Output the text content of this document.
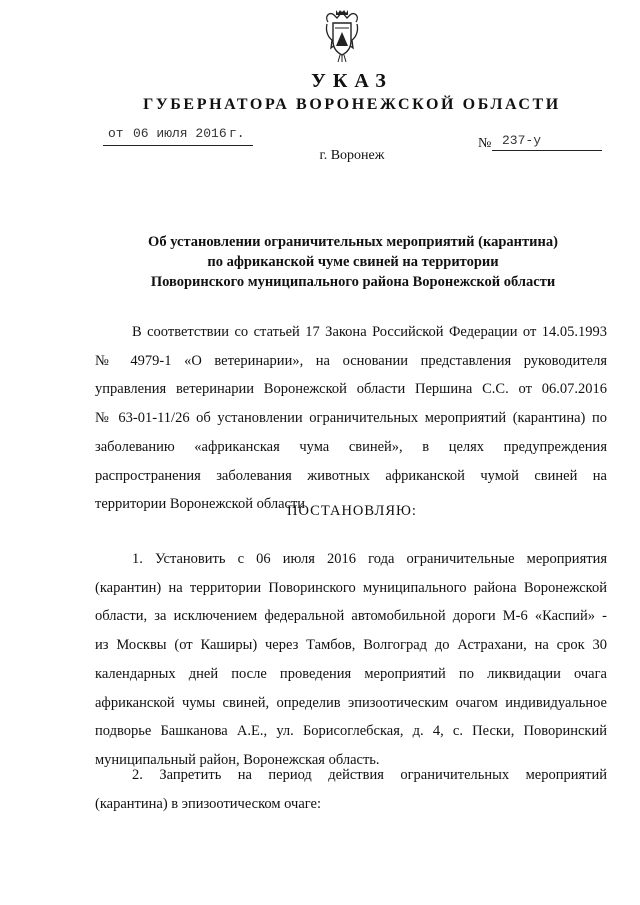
УКАЗ
ГУБЕРНАТОРА ВОРОНЕЖСКОЙ ОБЛАСТИ
от 06 июля 2016 г.
№ 237-у
г. Воронеж
Об установлении ограничительных мероприятий (карантина)
по африканской чуме свиней на территории
Поворинского муниципального района Воронежской области
В соответствии со статьей 17 Закона Российской Федерации от 14.05.1993
№ 4979-1 «О ветеринарии», на основании представления руководителя
управления ветеринарии Воронежской области Першина С.С. от 06.07.2016
№ 63-01-11/26 об установлении ограничительных мероприятий (карантина) по
заболеванию «африканская чума свиней», в целях предупреждения
распространения заболевания животных африканской чумой свиней на
территории Воронежской области
ПОСТАНОВЛЯЮ:
1. Установить с 06 июля 2016 года ограничительные мероприятия
(карантин) на территории Поворинского муниципального района Воронежской
области, за исключением федеральной автомобильной дороги М-6 «Каспий» -
из Москвы (от Каширы) через Тамбов, Волгоград до Астрахани, на срок 30
календарных дней после проведения мероприятий по ликвидации очага
африканской чумы свиней, определив эпизоотическим очагом индивидуальное
подворье Башканова А.Е., ул. Борисоглебская, д. 4, с. Пески, Поворинский
муниципальный район, Воронежская область.
2. Запретить на период действия ограничительных мероприятий
(карантина) в эпизоотическом очаге:
